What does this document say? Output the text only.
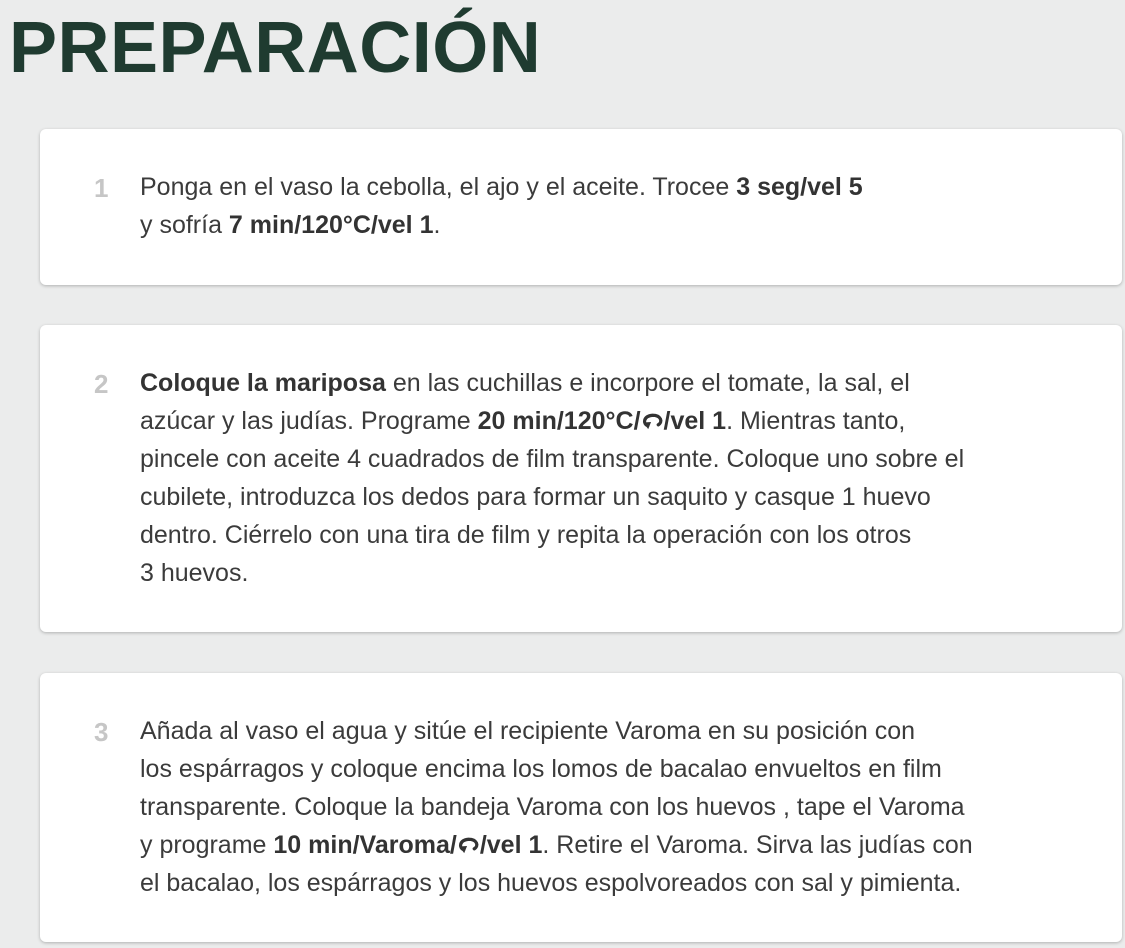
PREPARACIÓN
1 Ponga en el vaso la cebolla, el ajo y el aceite. Trocee 3 seg/vel 5
y sofría 7 min/120°C/vel 1.

2 Coloque la mariposa en las cuchillas e incorpore el tomate, la sal, el
azúcar y las judías. Programe 20 min/120°C/ /vel 1. Mientras tanto,
pincele con aceite 4 cuadrados de film transparente. Coloque uno sobre el
cubilete, introduzca los dedos para formar un saquito y casque 1 huevo
dentro. Ciérrelo con una tira de film y repita la operación con los otros
3 huevos.

3 Añada al vaso el agua y sitúe el recipiente Varoma en su posición con
los espárragos y coloque encima los lomos de bacalao envueltos en film
transparente. Coloque la bandeja Varoma con los huevos , tape el Varoma
y programe 10 min/Varoma/ /vel 1. Retire el Varoma. Sirva las judías con
el bacalao, los espárragos y los huevos espolvoreados con sal y pimienta.
